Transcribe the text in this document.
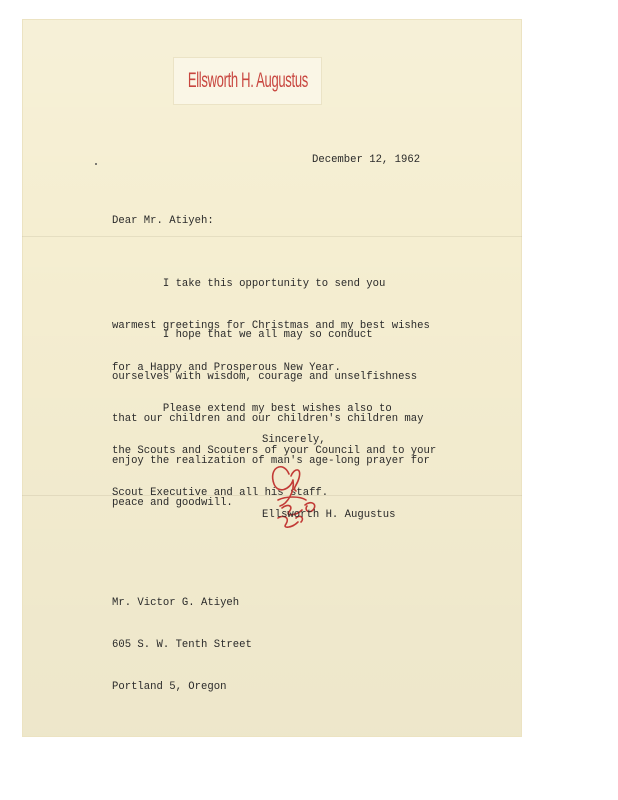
Ellsworth H. Augustus
December 12, 1962
Dear Mr. Atiyeh:

I take this opportunity to send you

warmest greetings for Christmas and my best wishes

for a Happy and Prosperous New Year.

I hope that we all may so conduct

ourselves with wisdom, courage and unselfishness

that our children and our children's children may

enjoy the realization of man's age-long prayer for

peace and goodwill.

Please extend my best wishes also to

the Scouts and Scouters of your Council and to your

Scout Executive and all his staff.

Sincerely,
Ellsworth H. Augustus

Mr. Victor G. Atiyeh

605 S. W. Tenth Street

Portland 5, Oregon
